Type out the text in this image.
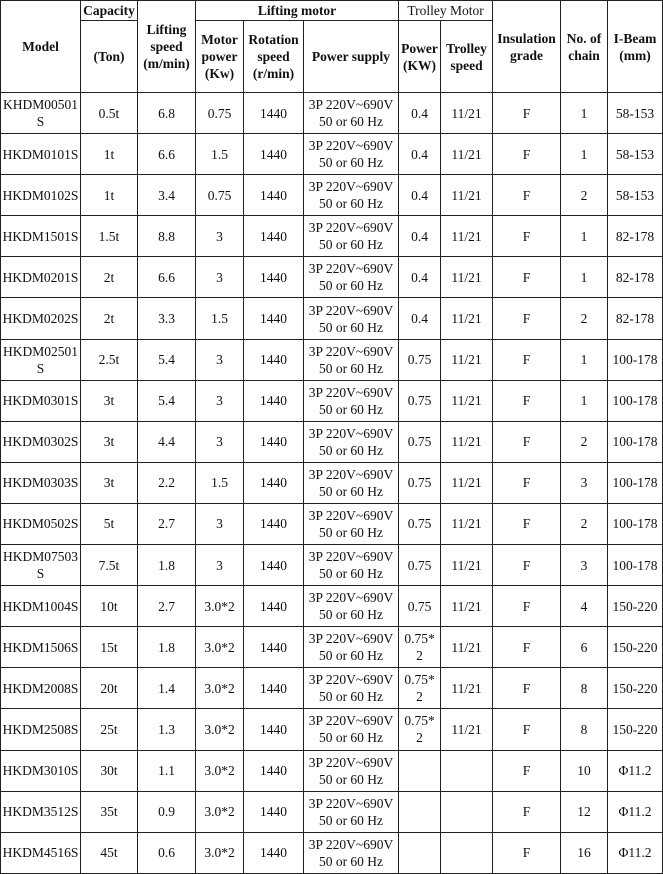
Model	Capacity	Lifting speed (m/min)	Lifting motor			Trolley Motor		Insulation grade	No. of chain	I-Beam (mm)
	(Ton)		Motor power (Kw)	Rotation speed (r/min)	Power supply	Power (KW)	Trolley speed			
KHDM00501 S	0.5t	6.8	0.75	1440	3P 220V~690V 50 or 60 Hz	0.4	11/21	F	1	58-153
HKDM0101S	1t	6.6	1.5	1440	3P 220V~690V 50 or 60 Hz	0.4	11/21	F	1	58-153
HKDM0102S	1t	3.4	0.75	1440	3P 220V~690V 50 or 60 Hz	0.4	11/21	F	2	58-153
HKDM1501S	1.5t	8.8	3	1440	3P 220V~690V 50 or 60 Hz	0.4	11/21	F	1	82-178
HKDM0201S	2t	6.6	3	1440	3P 220V~690V 50 or 60 Hz	0.4	11/21	F	1	82-178
HKDM0202S	2t	3.3	1.5	1440	3P 220V~690V 50 or 60 Hz	0.4	11/21	F	2	82-178
HKDM02501 S	2.5t	5.4	3	1440	3P 220V~690V 50 or 60 Hz	0.75	11/21	F	1	100-178
HKDM0301S	3t	5.4	3	1440	3P 220V~690V 50 or 60 Hz	0.75	11/21	F	1	100-178
HKDM0302S	3t	4.4	3	1440	3P 220V~690V 50 or 60 Hz	0.75	11/21	F	2	100-178
HKDM0303S	3t	2.2	1.5	1440	3P 220V~690V 50 or 60 Hz	0.75	11/21	F	3	100-178
HKDM0502S	5t	2.7	3	1440	3P 220V~690V 50 or 60 Hz	0.75	11/21	F	2	100-178
HKDM07503 S	7.5t	1.8	3	1440	3P 220V~690V 50 or 60 Hz	0.75	11/21	F	3	100-178
HKDM1004S	10t	2.7	3.0*2	1440	3P 220V~690V 50 or 60 Hz	0.75	11/21	F	4	150-220
HKDM1506S	15t	1.8	3.0*2	1440	3P 220V~690V 50 or 60 Hz	0.75* 2	11/21	F	6	150-220
HKDM2008S	20t	1.4	3.0*2	1440	3P 220V~690V 50 or 60 Hz	0.75* 2	11/21	F	8	150-220
HKDM2508S	25t	1.3	3.0*2	1440	3P 220V~690V 50 or 60 Hz	0.75* 2	11/21	F	8	150-220
HKDM3010S	30t	1.1	3.0*2	1440	3P 220V~690V 50 or 60 Hz			F	10	Φ11.2
HKDM3512S	35t	0.9	3.0*2	1440	3P 220V~690V 50 or 60 Hz			F	12	Φ11.2
HKDM4516S	45t	0.6	3.0*2	1440	3P 220V~690V 50 or 60 Hz			F	16	Φ11.2
